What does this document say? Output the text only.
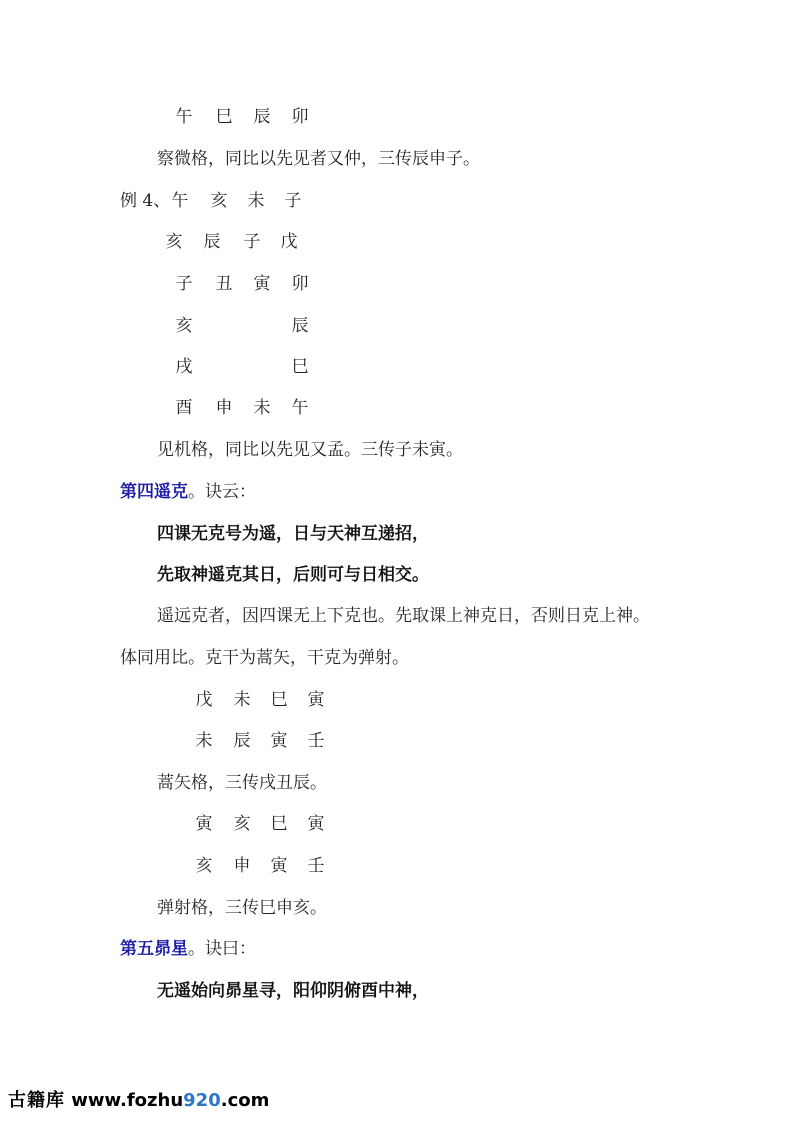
午 巳 辰 卯
察微格，同比以先见者又仲，三传辰申子。
例 4、 午 亥 未 子
亥 辰 子 戊
子 丑 寅 卯
亥	辰
戌	巳
酉 申 未 午
见机格，同比以先见又孟。三传子未寅。
第四遥克。诀云：
四课无克号为遥，日与天神互递招，
先取神遥克其日，后则可与日相交。
遥远克者，因四课无上下克也。先取课上神克日，否则日克上神。
体同用比。克干为蒿矢，干克为弹射。
戊 未 巳 寅
未 辰 寅 壬
蒿矢格，三传戌丑辰。
寅 亥 巳 寅
亥 申 寅 壬
弹射格，三传巳申亥。
第五昴星。诀曰：
无遥始向昴星寻，阳仰阴俯酉中神，
古籍库 www.fozhu920.com
